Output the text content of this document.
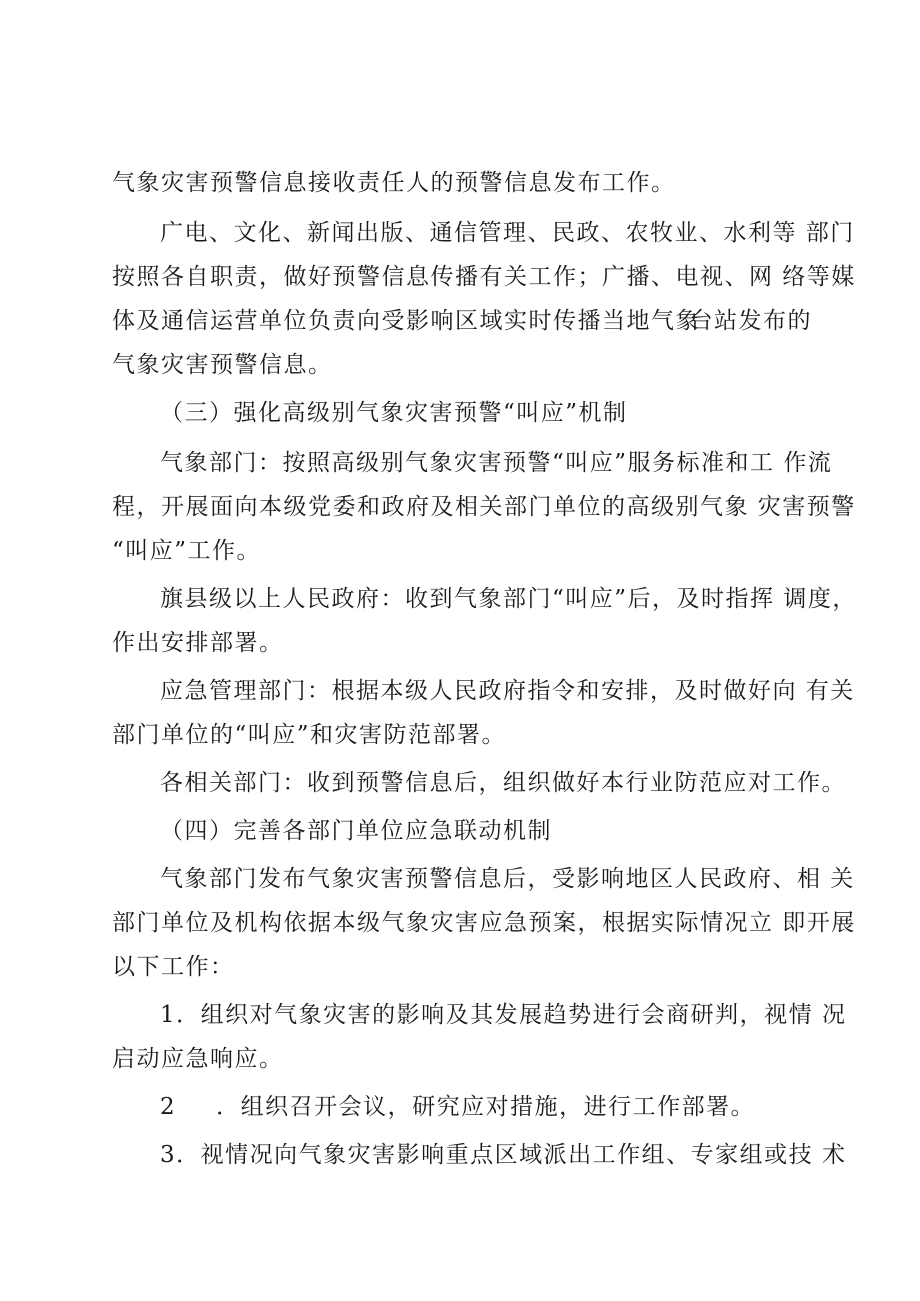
气象灾害预警信息接收责任人的预警信息发布工作。
广电、文化、新闻出版、通信管理、民政、农牧业、水利等 部门
按照各自职责，做好预警信息传播有关工作；广播、电视、网 络等媒
体及通信运营单位负责向受影响区域实时传播当地气象
台站发布的
气象灾害预警信息。
（三）强化高级别气象灾害预警“叫应”机制
气象部门：按照高级别气象灾害预警“叫应”服务标准和工 作流
程，开展面向本级党委和政府及相关部门单位的高级别气象 灾害预警
“叫应”工作。
旗县级以上人民政府：收到气象部门“叫应”后，及时指挥 调度，
作出安排部署。
应急管理部门：根据本级人民政府指令和安排，及时做好向 有关
部门单位的“叫应”和灾害防范部署。
各相关部门：收到预警信息后，组织做好本行业防范应对工作。
（四）完善各部门单位应急联动机制
气象部门发布气象灾害预警信息后，受影响地区人民政府、相 关
部门单位及机构依据本级气象灾害应急预案，根据实际情况立 即开展
以下工作：
1．组织对气象灾害的影响及其发展趋势进行会商研判，视情 况
启动应急响应。
2 ．组织召开会议，研究应对措施，进行工作部署。
3．视情况向气象灾害影响重点区域派出工作组、专家组或技 术
